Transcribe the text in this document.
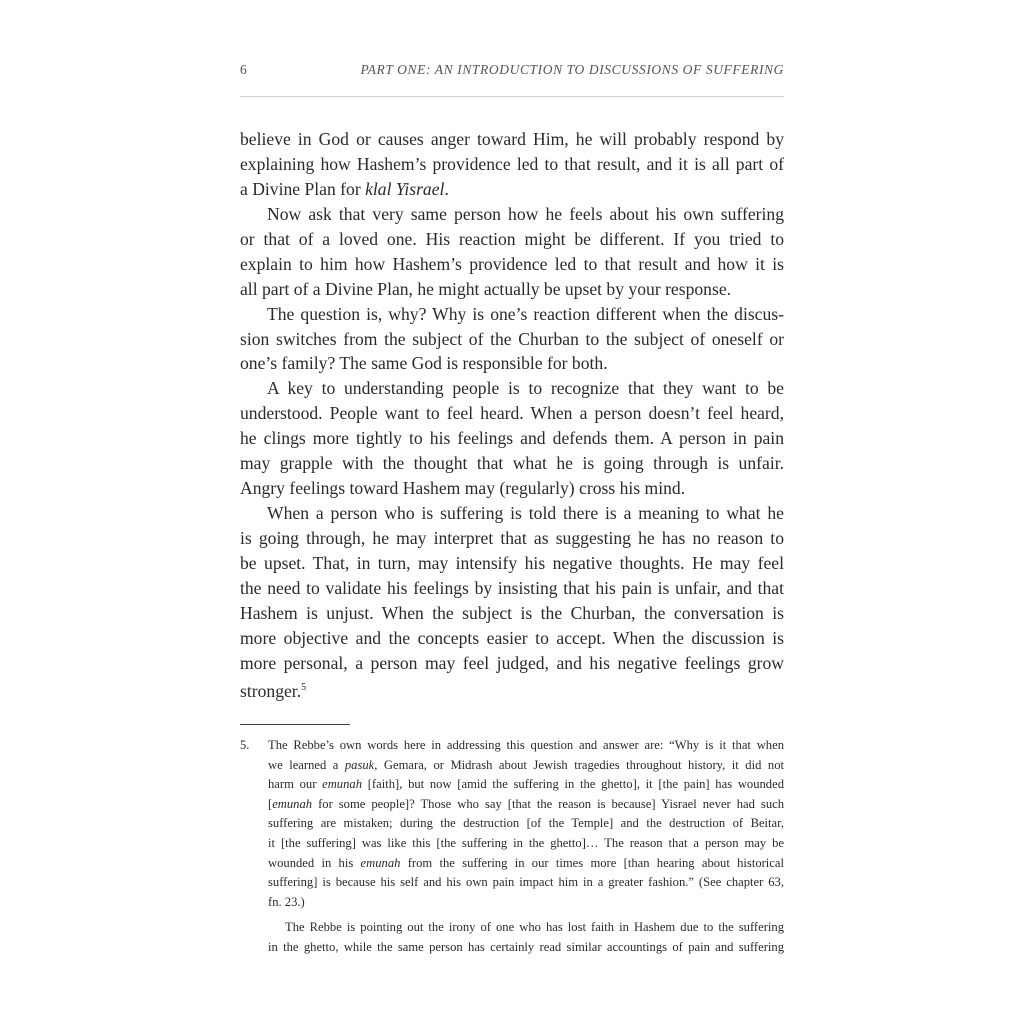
6	PART ONE: AN INTRODUCTION TO DISCUSSIONS OF SUFFERING
believe in God or causes anger toward Him, he will probably respond by
explaining how Hashem’s providence led to that result, and it is all part of
a Divine Plan for klal Yisrael.
Now ask that very same person how he feels about his own suffering
or that of a loved one. His reaction might be different. If you tried to
explain to him how Hashem’s providence led to that result and how it is
all part of a Divine Plan, he might actually be upset by your response.
The question is, why? Why is one’s reaction different when the discus-
sion switches from the subject of the Churban to the subject of oneself or
one’s family? The same God is responsible for both.
A key to understanding people is to recognize that they want to be
understood. People want to feel heard. When a person doesn’t feel heard,
he clings more tightly to his feelings and defends them. A person in pain
may grapple with the thought that what he is going through is unfair.
Angry feelings toward Hashem may (regularly) cross his mind.
When a person who is suffering is told there is a meaning to what he
is going through, he may interpret that as suggesting he has no reason to
be upset. That, in turn, may intensify his negative thoughts. He may feel
the need to validate his feelings by insisting that his pain is unfair, and that
Hashem is unjust. When the subject is the Churban, the conversation is
more objective and the concepts easier to accept. When the discussion is
more personal, a person may feel judged, and his negative feelings grow
stronger.$^5$
5. The Rebbe’s own words here in addressing this question and answer are: “Why is it that when
we learned a pasuk, Gemara, or Midrash about Jewish tragedies throughout history, it did not
harm our emunah [faith], but now [amid the suffering in the ghetto], it [the pain] has wounded
[emunah for some people]? Those who say [that the reason is because] Yisrael never had such
suffering are mistaken; during the destruction [of the Temple] and the destruction of Beitar,
it [the suffering] was like this [the suffering in the ghetto]… The reason that a person may be
wounded in his emunah from the suffering in our times more [than hearing about historical
suffering] is because his self and his own pain impact him in a greater fashion.” (See chapter 63,
fn. 23.)
The Rebbe is pointing out the irony of one who has lost faith in Hashem due to the suffering
in the ghetto, while the same person has certainly read similar accountings of pain and suffering
